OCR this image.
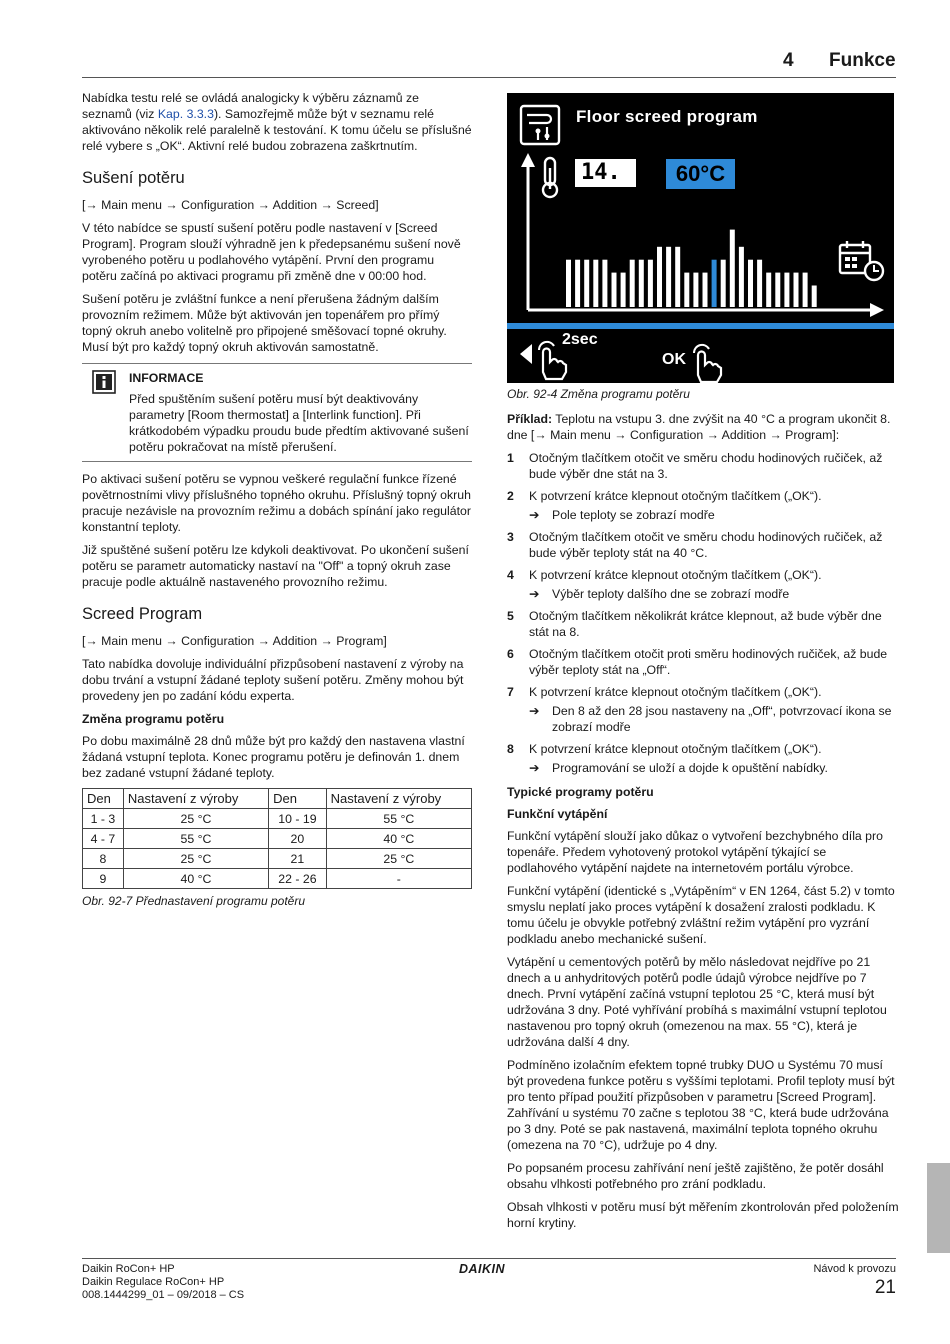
4 Funkce

Nabídka testu relé se ovládá analogicky k výběru záznamů ze seznamů (viz Kap. 3.3.3). Samozřejmě může být v seznamu relé aktivováno několik relé paralelně k testování. K tomu účelu se příslušné relé vybere s „OK“. Aktivní relé budou zobrazena zaškrtnutím.

Sušení potěru

[→ Main menu → Configuration → Addition → Screed]

V této nabídce se spustí sušení potěru podle nastavení v [Screed Program]. Program slouží výhradně jen k předepsanému sušení nově vyrobeného potěru u podlahového vytápění. První den programu potěru začíná po aktivaci programu při změně dne v 00:00 hod.

Sušení potěru je zvláštní funkce a není přerušena žádným dalším provozním režimem. Může být aktivován jen topenářem pro přímý topný okruh anebo volitelně pro připojené směšovací topné okruhy. Musí být pro každý topný okruh aktivován samostatně.

INFORMACE
Před spuštěním sušení potěru musí být deaktivovány parametry [Room thermostat] a [Interlink function]. Při krátkodobém výpadku proudu bude předtím aktivované sušení potěru pokračovat na místě přerušení.

Po aktivaci sušení potěru se vypnou veškeré regulační funkce řízené povětrnostními vlivy příslušného topného okruhu. Příslušný topný okruh pracuje nezávisle na provozním režimu a dobách spínání jako regulátor konstantní teploty.

Již spuštěné sušení potěru lze kdykoli deaktivovat. Po ukončení sušení potěru se parametr automaticky nastaví na "Off" a topný okruh zase pracuje podle aktuálně nastaveného provozního režimu.

Screed Program

[→ Main menu → Configuration → Addition → Program]

Tato nabídka dovoluje individuální přizpůsobení nastavení z výroby na dobu trvání a vstupní žádané teploty sušení potěru. Změny mohou být provedeny jen po zadání kódu experta.

Změna programu potěru

Po dobu maximálně 28 dnů může být pro každý den nastavena vlastní žádaná vstupní teplota. Konec programu potěru je definován 1. dnem bez zadané vstupní žádané teploty.

Den	Nastavení z výroby	Den	Nastavení z výroby
1 - 3	25 °C	10 - 19	55 °C
4 - 7	55 °C	20	40 °C
8	25 °C	21	25 °C
9	40 °C	22 - 26	-
Obr. 92-7 Přednastavení programu potěru
Floor screed program
14.	60°C
2sec
OK
Obr. 92-4 Změna programu potěru

Příklad: Teplotu na vstupu 3. dne zvýšit na 40 °C a program ukončit 8. dne [→ Main menu → Configuration → Addition → Program]:

1 Otočným tlačítkem otočit ve směru chodu hodinových ručiček, až bude výběr dne stát na 3.
2 K potvrzení krátce klepnout otočným tlačítkem („OK“).
➔ Pole teploty se zobrazí modře
3 Otočným tlačítkem otočit ve směru chodu hodinových ručiček, až bude výběr teploty stát na 40 °C.
4 K potvrzení krátce klepnout otočným tlačítkem („OK“).
➔ Výběr teploty dalšího dne se zobrazí modře
5 Otočným tlačítkem několikrát krátce klepnout, až bude výběr dne stát na 8.
6 Otočným tlačítkem otočit proti směru hodinových ručiček, až bude výběr teploty stát na „Off“.
7 K potvrzení krátce klepnout otočným tlačítkem („OK“).
➔ Den 8 až den 28 jsou nastaveny na „Off“, potvrzovací ikona se zobrazí modře
8 K potvrzení krátce klepnout otočným tlačítkem („OK“).
➔ Programování se uloží a dojde k opuštění nabídky.
Typické programy potěru
Funkční vytápění

Funkční vytápění slouží jako důkaz o vytvoření bezchybného díla pro topenáře. Předem vyhotovený protokol vytápění týkající se podlahového vytápění najdete na internetovém portálu výrobce.

Funkční vytápění (identické s „Vytápěním“ v EN 1264, část 5.2) v tomto smyslu neplatí jako proces vytápění k dosažení zralosti podkladu. K tomu účelu je obvykle potřebný zvláštní režim vytápění pro vyzrání podkladu anebo mechanické sušení.

Vytápění u cementových potěrů by mělo následovat nejdříve po 21 dnech a u anhydritových potěrů podle údajů výrobce nejdříve po 7 dnech. První vytápění začíná vstupní teplotou 25 °C, která musí být udržována 3 dny. Poté vyhřívání probíhá s maximální vstupní teplotou nastavenou pro topný okruh (omezenou na max. 55 °C), která je udržována další 4 dny.

Podmíněno izolačním efektem topné trubky DUO u Systému 70 musí být provedena funkce potěru s vyššími teplotami. Profil teploty musí být pro tento případ použití přizpůsoben v parametru [Screed Program]. Zahřívání u systému 70 začne s teplotou 38 °C, která bude udržována po 3 dny. Poté se pak nastavená, maximální teplota topného okruhu (omezena na 70 °C), udržuje po 4 dny.

Po popsaném procesu zahřívání není ještě zajištěno, že potěr dosáhl obsahu vlhkosti potřebného pro zrání podkladu.

Obsah vlhkosti v potěru musí být měřením zkontrolován před položením horní krytiny.

Daikin RoCon+ HP
Daikin Regulace RoCon+ HP
008.1444299_01 – 09/2018 – CS
DAIKIN	Návod k provozu
21
